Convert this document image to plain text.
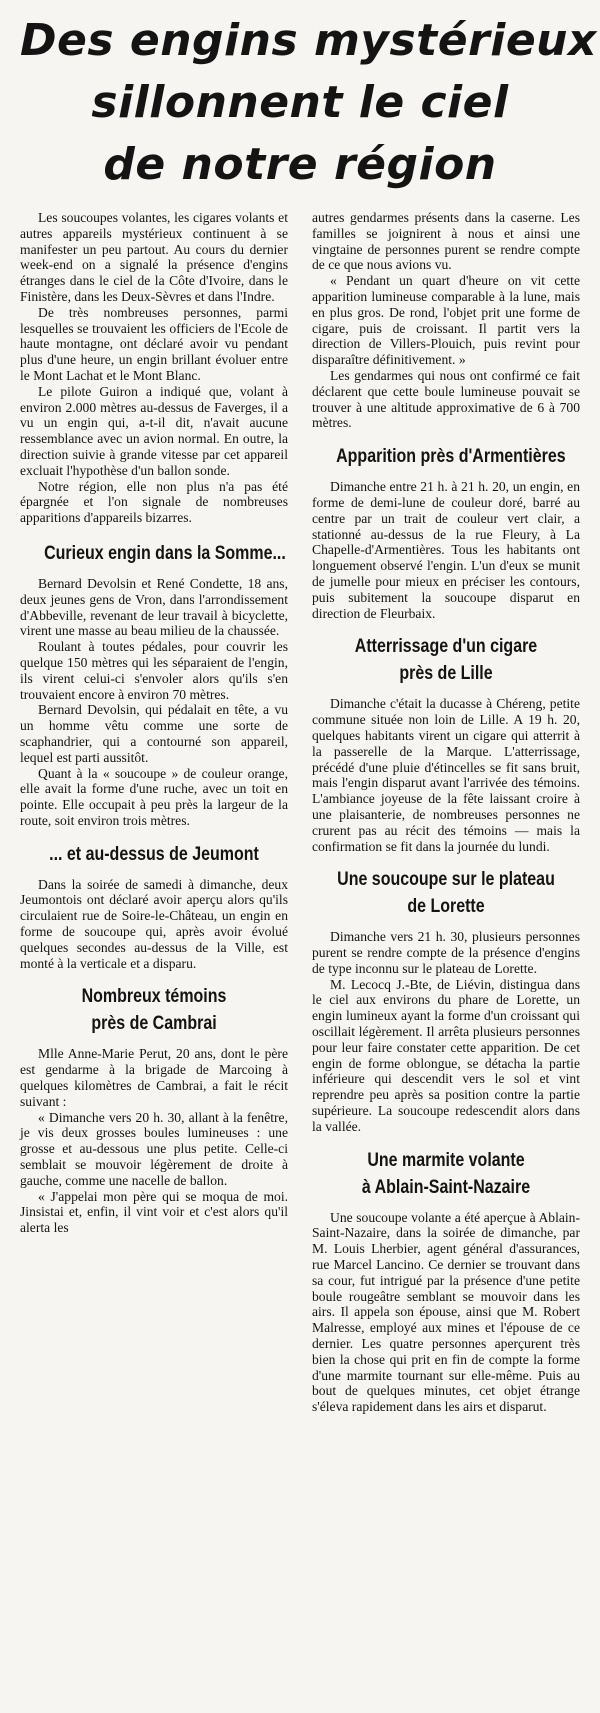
Des engins mystérieux
sillonnent le ciel
de notre région

Les soucoupes volantes, les cigares volants et autres appareils mystérieux continuent à se manifester un peu partout. Au cours du dernier week-end on a signalé la présence d'engins étranges dans le ciel de la Côte d'Ivoire, dans le Finistère, dans les Deux-Sèvres et dans l'Indre.

De très nombreuses personnes, parmi lesquelles se trouvaient les officiers de l'Ecole de haute montagne, ont déclaré avoir vu pendant plus d'une heure, un engin brillant évoluer entre le Mont Lachat et le Mont Blanc.

Le pilote Guiron a indiqué que, volant à environ 2.000 mètres au-dessus de Faverges, il a vu un engin qui, a-t-il dit, n'avait aucune ressemblance avec un avion normal. En outre, la direction suivie à grande vitesse par cet appareil excluait l'hypothèse d'un ballon sonde.

Notre région, elle non plus n'a pas été épargnée et l'on signale de nombreuses apparitions d'appareils bizarres.

Curieux engin dans la Somme...

Bernard Devolsin et René Condette, 18 ans, deux jeunes gens de Vron, dans l'arrondissement d'Abbeville, revenant de leur travail à bicyclette, virent une masse au beau milieu de la chaussée.

Roulant à toutes pédales, pour couvrir les quelque 150 mètres qui les séparaient de l'engin, ils virent celui-ci s'envoler alors qu'ils s'en trouvaient encore à environ 70 mètres.

Bernard Devolsin, qui pédalait en tête, a vu un homme vêtu comme une sorte de scaphandrier, qui a contourné son appareil, lequel est parti aussitôt.

Quant à la « soucoupe » de couleur orange, elle avait la forme d'une ruche, avec un toit en pointe. Elle occupait à peu près la largeur de la route, soit environ trois mètres.

... et au-dessus de Jeumont

Dans la soirée de samedi à dimanche, deux Jeumontois ont déclaré avoir aperçu alors qu'ils circulaient rue de Soire-le-Château, un engin en forme de soucoupe qui, après avoir évolué quelques secondes au-dessus de la Ville, est monté à la verticale et a disparu.

Nombreux témoins
près de Cambrai

Mlle Anne-Marie Perut, 20 ans, dont le père est gendarme à la brigade de Marcoing à quelques kilomètres de Cambrai, a fait le récit suivant :

« Dimanche vers 20 h. 30, allant à la fenêtre, je vis deux grosses boules lumineuses : une grosse et au-dessous une plus petite. Celle-ci semblait se mouvoir légèrement de droite à gauche, comme une nacelle de ballon.

« J'appelai mon père qui se moqua de moi. Jinsistai et, enfin, il vint voir et c'est alors qu'il alerta les

autres gendarmes présents dans la caserne. Les familles se joignirent à nous et ainsi une vingtaine de personnes purent se rendre compte de ce que nous avions vu.

« Pendant un quart d'heure on vit cette apparition lumineuse comparable à la lune, mais en plus gros. De rond, l'objet prit une forme de cigare, puis de croissant. Il partit vers la direction de Villers-Plouich, puis revint pour disparaître définitivement. »

Les gendarmes qui nous ont confirmé ce fait déclarent que cette boule lumineuse pouvait se trouver à une altitude approximative de 6 à 700 mètres.

Apparition près d'Armentières

Dimanche entre 21 h. à 21 h. 20, un engin, en forme de demi-lune de couleur doré, barré au centre par un trait de couleur vert clair, a stationné au-dessus de la rue Fleury, à La Chapelle-d'Armentières. Tous les habitants ont longuement observé l'engin. L'un d'eux se munit de jumelle pour mieux en préciser les contours, puis subitement la soucoupe disparut en direction de Fleurbaix.

Atterrissage d'un cigare
près de Lille

Dimanche c'était la ducasse à Chéreng, petite commune située non loin de Lille. A 19 h. 20, quelques habitants virent un cigare qui atterrit à la passerelle de la Marque. L'atterrissage, précédé d'une pluie d'étincelles se fit sans bruit, mais l'engin disparut avant l'arrivée des témoins. L'ambiance joyeuse de la fête laissant croire à une plaisanterie, de nombreuses personnes ne crurent pas au récit des témoins — mais la confirmation se fit dans la journée du lundi.

Une soucoupe sur le plateau
de Lorette

Dimanche vers 21 h. 30, plusieurs personnes purent se rendre compte de la présence d'engins de type inconnu sur le plateau de Lorette.

M. Lecocq J.-Bte, de Liévin, distingua dans le ciel aux environs du phare de Lorette, un engin lumineux ayant la forme d'un croissant qui oscillait légèrement. Il arrêta plusieurs personnes pour leur faire constater cette apparition. De cet engin de forme oblongue, se détacha la partie inférieure qui descendit vers le sol et vint reprendre peu après sa position contre la partie supérieure. La soucoupe redescendit alors dans la vallée.

Une marmite volante
à Ablain-Saint-Nazaire

Une soucoupe volante a été aperçue à Ablain-Saint-Nazaire, dans la soirée de dimanche, par M. Louis Lherbier, agent général d'assurances, rue Marcel Lancino. Ce dernier se trouvant dans sa cour, fut intrigué par la présence d'une petite boule rougeâtre semblant se mouvoir dans les airs. Il appela son épouse, ainsi que M. Robert Malresse, employé aux mines et l'épouse de ce dernier. Les quatre personnes aperçurent très bien la chose qui prit en fin de compte la forme d'une marmite tournant sur elle-même. Puis au bout de quelques minutes, cet objet étrange s'éleva rapidement dans les airs et disparut.
